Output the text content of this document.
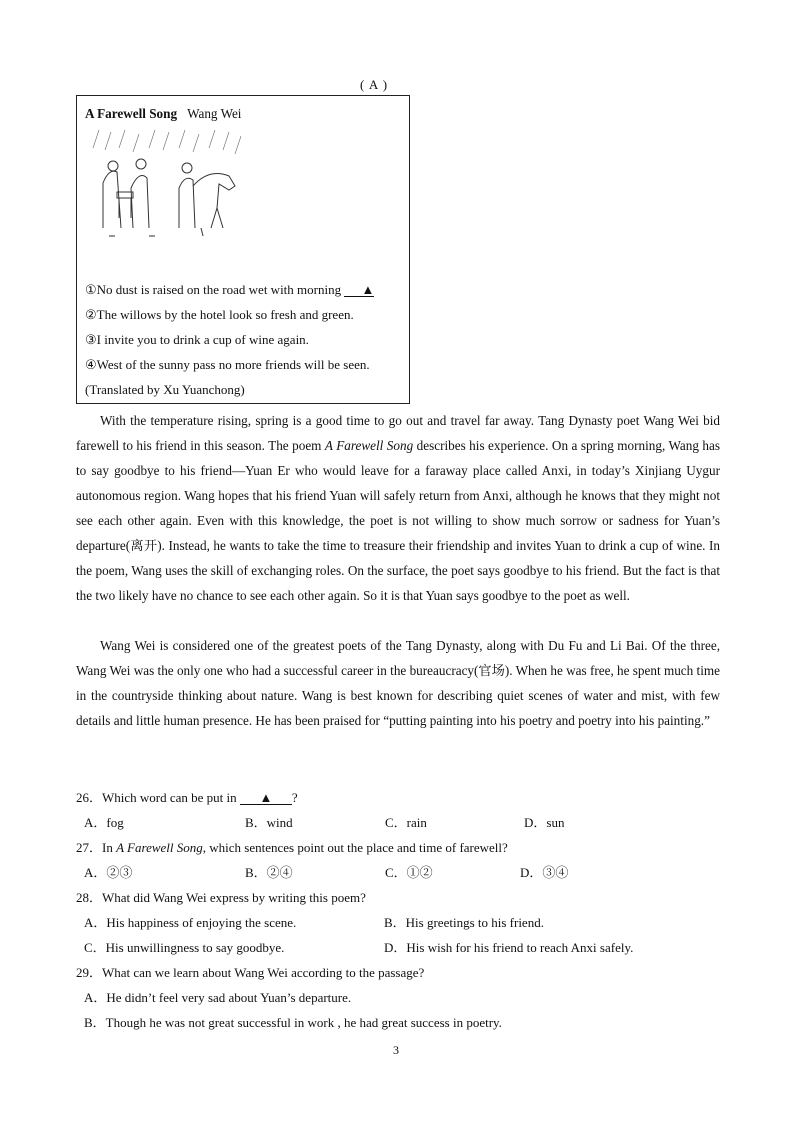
( A )
A Farewell Song Wang Wei
①No dust is raised on the road wet with morning ▲
②The willows by the hotel look so fresh and green.
③I invite you to drink a cup of wine again.
④West of the sunny pass no more friends will be seen.
(Translated by Xu Yuanchong)

With the temperature rising, spring is a good time to go out and travel far away. Tang Dynasty poet Wang Wei bid farewell to his friend in this season. The poem A Farewell Song describes his experience. On a spring morning, Wang has to say goodbye to his friend—Yuan Er who would leave for a faraway place called Anxi, in today’s Xinjiang Uygur autonomous region. Wang hopes that his friend Yuan will safely return from Anxi, although he knows that they might not see each other again. Even with this knowledge, the poet is not willing to show much sorrow or sadness for Yuan’s departure(离开). Instead, he wants to take the time to treasure their friendship and invites Yuan to drink a cup of wine. In the poem, Wang uses the skill of exchanging roles. On the surface, the poet says goodbye to his friend. But the fact is that the two likely have no chance to see each other again. So it is that Yuan says goodbye to the poet as well.

Wang Wei is considered one of the greatest poets of the Tang Dynasty, along with Du Fu and Li Bai. Of the three, Wang Wei was the only one who had a successful career in the bureaucracy(官场). When he was free, he spent much time in the countryside thinking about nature. Wang is best known for describing quiet scenes of water and mist, with few details and little human presence. He has been praised for “putting painting into his poetry and poetry into his painting.”

26．Which word can be put in ▲ ?
A．fog	B．wind	C．rain	D．sun
27．In A Farewell Song, which sentences point out the place and time of farewell?
A．②③	B．②④	C．①②	D．③④
28．What did Wang Wei express by writing this poem?
A．His happiness of enjoying the scene.	B．His greetings to his friend.
C．His unwillingness to say goodbye.	D．His wish for his friend to reach Anxi safely.
29．What can we learn about Wang Wei according to the passage?
A．He didn’t feel very sad about Yuan’s departure.
B．Though he was not great successful in work , he had great success in poetry.
3
